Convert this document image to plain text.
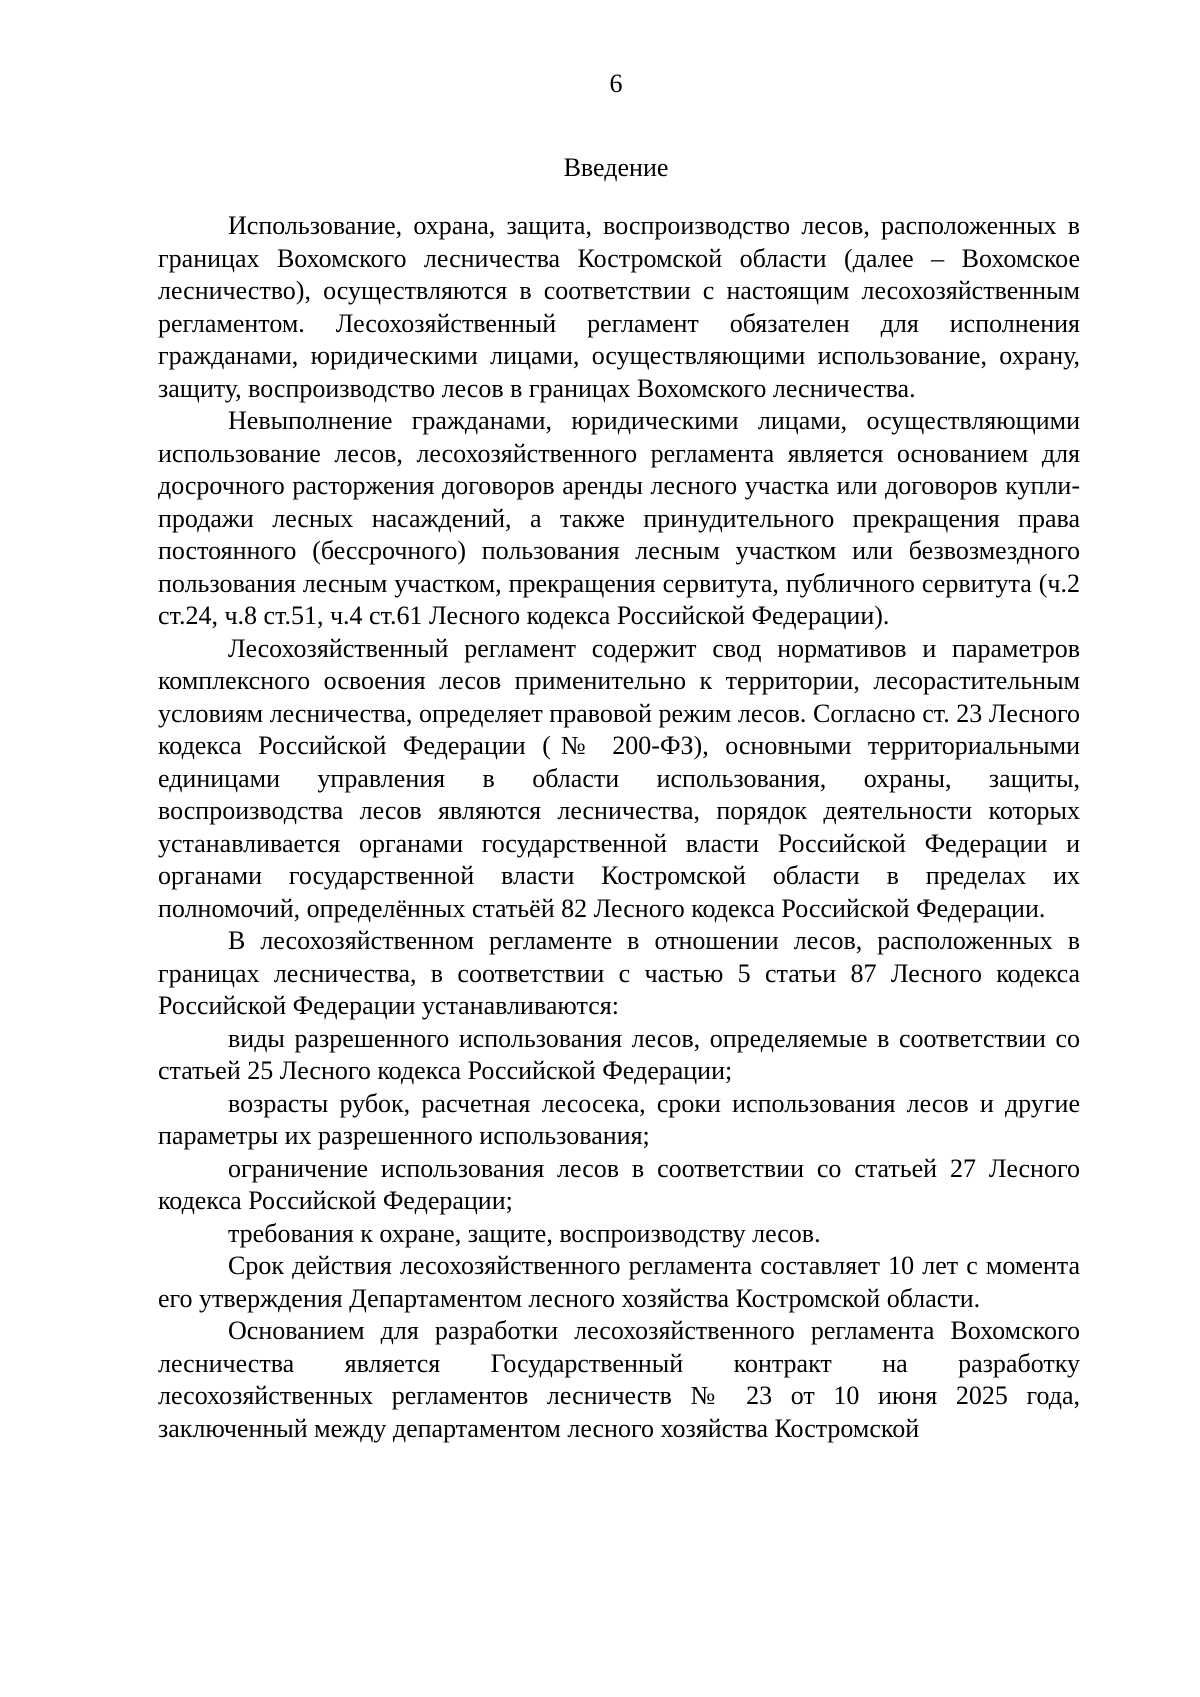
6
Введение

Использование, охрана, защита, воспроизводство лесов, расположенных в границах Вохомского лесничества Костромской области (далее – Вохомское лесничество), осуществляются в соответствии с настоящим лесохозяйственным регламентом. Лесохозяйственный регламент обязателен для исполнения гражданами, юридическими лицами, осуществляющими использование, охрану, защиту, воспроизводство лесов в границах Вохомского лесничества.

Невыполнение гражданами, юридическими лицами, осуществляющими использование лесов, лесохозяйственного регламента является основанием для досрочного расторжения договоров аренды лесного участка или договоров купли-продажи лесных насаждений, а также принудительного прекращения права постоянного (бессрочного) пользования лесным участком или безвозмездного пользования лесным участком, прекращения сервитута, публичного сервитута (ч.2 ст.24, ч.8 ст.51, ч.4 ст.61 Лесного кодекса Российской Федерации).

Лесохозяйственный регламент содержит свод нормативов и параметров комплексного освоения лесов применительно к территории, лесорастительным условиям лесничества, определяет правовой режим лесов. Согласно ст. 23 Лесного кодекса Российской Федерации (№ 200-ФЗ), основными территориальными единицами управления в области использования, охраны, защиты, воспроизводства лесов являются лесничества, порядок деятельности которых устанавливается органами государственной власти Российской Федерации и органами государственной власти Костромской области в пределах их полномочий, определённых статьёй 82 Лесного кодекса Российской Федерации.

В лесохозяйственном регламенте в отношении лесов, расположенных в границах лесничества, в соответствии с частью 5 статьи 87 Лесного кодекса Российской Федерации устанавливаются:

виды разрешенного использования лесов, определяемые в соответствии со статьей 25 Лесного кодекса Российской Федерации;

возрасты рубок, расчетная лесосека, сроки использования лесов и другие параметры их разрешенного использования;

ограничение использования лесов в соответствии со статьей 27 Лесного кодекса Российской Федерации;

требования к охране, защите, воспроизводству лесов.

Срок действия лесохозяйственного регламента составляет 10 лет с момента его утверждения Департаментом лесного хозяйства Костромской области.

Основанием для разработки лесохозяйственного регламента Вохомского лесничества является Государственный контракт на разработку лесохозяйственных регламентов лесничеств № 23 от 10 июня 2025 года, заключенный между департаментом лесного хозяйства Костромской
